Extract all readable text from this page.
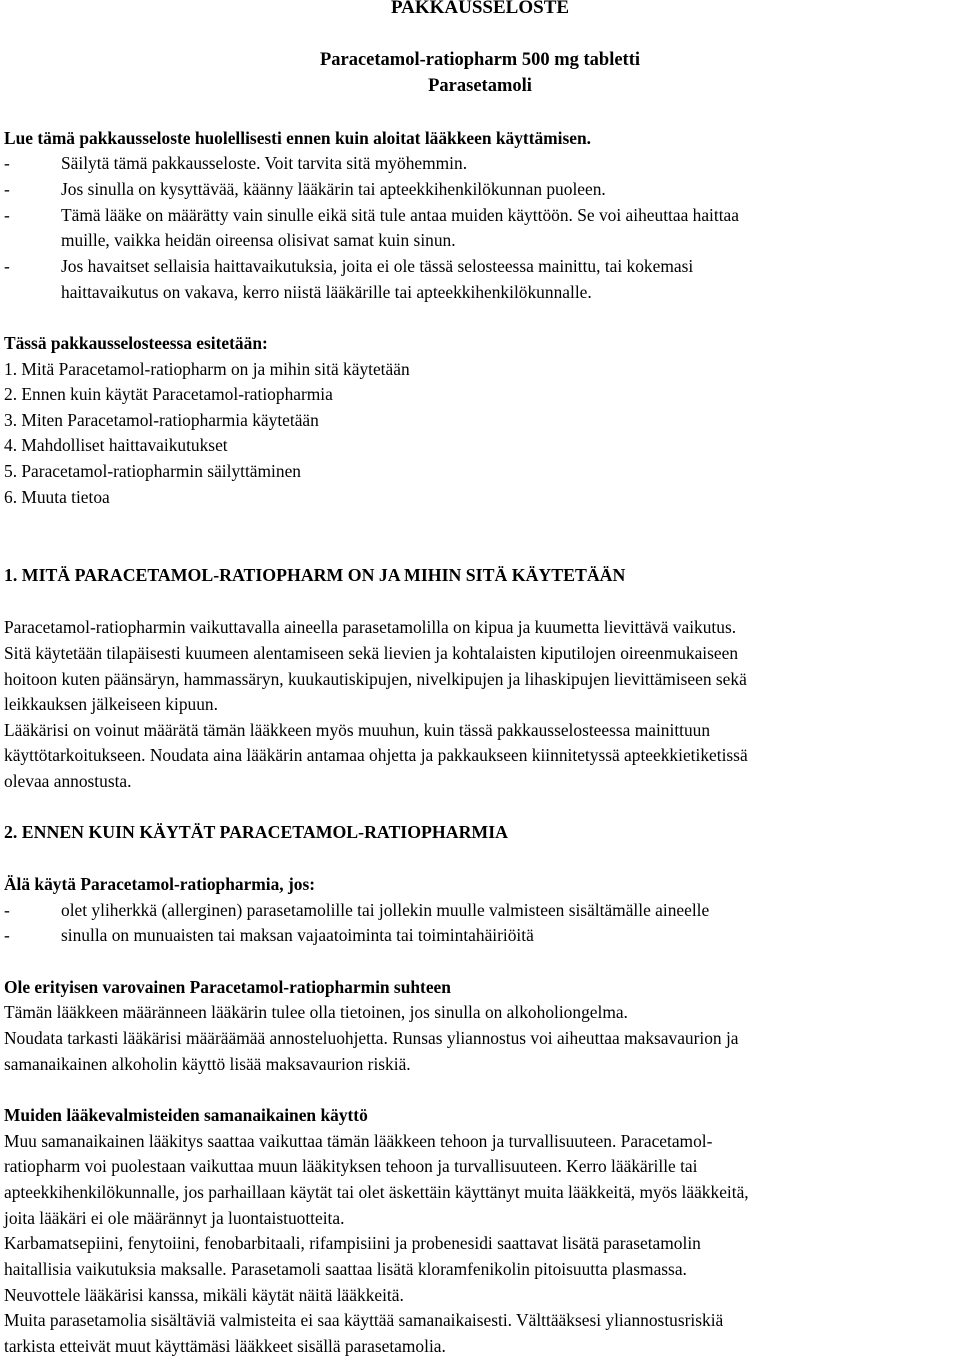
PAKKAUSSELOSTE
Paracetamol-ratiopharm 500 mg tabletti
Parasetamoli
Lue tämä pakkausseloste huolellisesti ennen kuin aloitat lääkkeen käyttämisen.
-	Säilytä tämä pakkausseloste. Voit tarvita sitä myöhemmin.
-	Jos sinulla on kysyttävää, käänny lääkärin tai apteekkihenkilökunnan puoleen.
-	Tämä lääke on määrätty vain sinulle eikä sitä tule antaa muiden käyttöön. Se voi aiheuttaa haittaa
muille, vaikka heidän oireensa olisivat samat kuin sinun.
-	Jos havaitset sellaisia haittavaikutuksia, joita ei ole tässä selosteessa mainittu, tai kokemasi
haittavaikutus on vakava, kerro niistä lääkärille tai apteekkihenkilökunnalle.
Tässä pakkausselosteessa esitetään:
1. Mitä Paracetamol-ratiopharm on ja mihin sitä käytetään
2. Ennen kuin käytät Paracetamol-ratiopharmia
3. Miten Paracetamol-ratiopharmia käytetään
4. Mahdolliset haittavaikutukset
5. Paracetamol-ratiopharmin säilyttäminen
6. Muuta tietoa
1. MITÄ PARACETAMOL-RATIOPHARM ON JA MIHIN SITÄ KÄYTETÄÄN
Paracetamol-ratiopharmin vaikuttavalla aineella parasetamolilla on kipua ja kuumetta lievittävä vaikutus.
Sitä käytetään tilapäisesti kuumeen alentamiseen sekä lievien ja kohtalaisten kiputilojen oireenmukaiseen
hoitoon kuten päänsäryn, hammassäryn, kuukautiskipujen, nivelkipujen ja lihaskipujen lievittämiseen sekä
leikkauksen jälkeiseen kipuun.
Lääkärisi on voinut määrätä tämän lääkkeen myös muuhun, kuin tässä pakkausselosteessa mainittuun
käyttötarkoitukseen. Noudata aina lääkärin antamaa ohjetta ja pakkaukseen kiinnitetyssä apteekkietiketissä
olevaa annostusta.
2. ENNEN KUIN KÄYTÄT PARACETAMOL-RATIOPHARMIA
Älä käytä Paracetamol-ratiopharmia, jos:
-	olet yliherkkä (allerginen) parasetamolille tai jollekin muulle valmisteen sisältämälle aineelle
-	sinulla on munuaisten tai maksan vajaatoiminta tai toimintahäiriöitä
Ole erityisen varovainen Paracetamol-ratiopharmin suhteen
Tämän lääkkeen määränneen lääkärin tulee olla tietoinen, jos sinulla on alkoholiongelma.
Noudata tarkasti lääkärisi määräämää annosteluohjetta. Runsas yliannostus voi aiheuttaa maksavaurion ja
samanaikainen alkoholin käyttö lisää maksavaurion riskiä.
Muiden lääkevalmisteiden samanaikainen käyttö
Muu samanaikainen lääkitys saattaa vaikuttaa tämän lääkkeen tehoon ja turvallisuuteen. Paracetamol-
ratiopharm voi puolestaan vaikuttaa muun lääkityksen tehoon ja turvallisuuteen. Kerro lääkärille tai
apteekkihenkilökunnalle, jos parhaillaan käytät tai olet äskettäin käyttänyt muita lääkkeitä, myös lääkkeitä,
joita lääkäri ei ole määrännyt ja luontaistuotteita.
Karbamatsepiini, fenytoiini, fenobarbitaali, rifampisiini ja probenesidi saattavat lisätä parasetamolin
haitallisia vaikutuksia maksalle. Parasetamoli saattaa lisätä kloramfenikolin pitoisuutta plasmassa.
Neuvottele lääkärisi kanssa, mikäli käytät näitä lääkkeitä.
Muita parasetamolia sisältäviä valmisteita ei saa käyttää samanaikaisesti. Välttääksesi yliannostusriskiä
tarkista etteivät muut käyttämäsi lääkkeet sisällä parasetamolia.
